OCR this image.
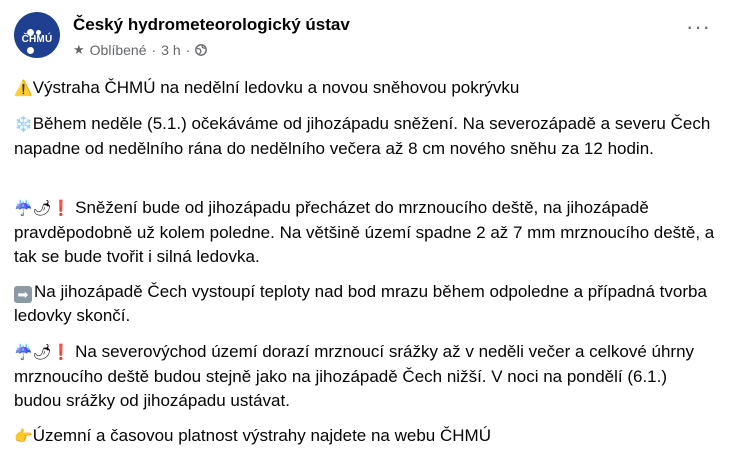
ČHMÚ
Český hydrometeorologický ústav
★ Oblíbené · 3 h ·
···

⚠️Výstraha ČHMÚ na nedělní ledovku a novou sněhovou pokrývku

❄️Během neděle (5.1.) očekáváme od jihozápadu sněžení. Na severozápadě a severu Čech napadne od nedělního rána do nedělního večera až 8 cm nového sněhu za 12 hodin.

☔🌶❗ Sněžení bude od jihozápadu přecházet do mrznoucího deště, na jihozápadě pravděpodobně už kolem poledne. Na většině území spadne 2 až 7 mm mrznoucího deště, a tak se bude tvořit i silná ledovka.

➡ Na jihozápadě Čech vystoupí teploty nad bod mrazu během odpoledne a případná tvorba ledovky skončí.

☔🌶❗ Na severovýchod území dorazí mrznoucí srážky až v neděli večer a celkové úhrny mrznoucího deště budou stejně jako na jihozápadě Čech nižší. V noci na pondělí (6.1.) budou srážky od jihozápadu ustávat.

👉Územní a časovou platnost výstrahy najdete na webu ČHMÚ
